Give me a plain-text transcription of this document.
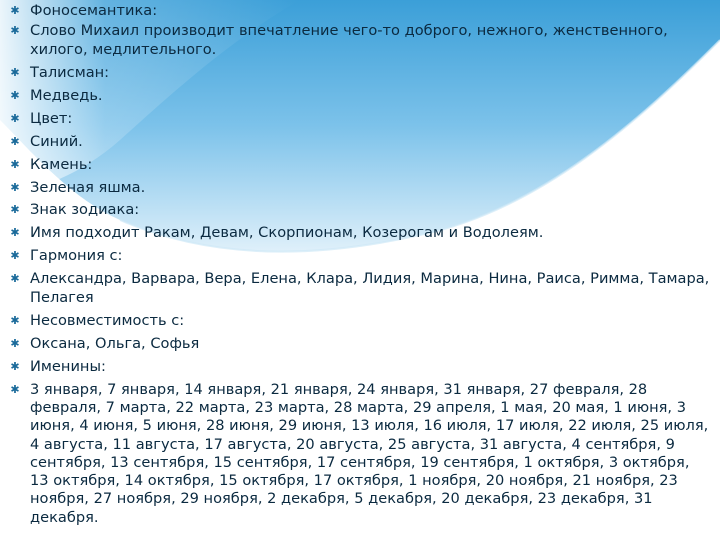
✱ Фоносемантика:
✱ Слово Михаил производит впечатление чего-то доброго, нежного, женственного, хилого, медлительного.
✱ Талисман:
✱ Медведь.
✱ Цвет:
✱ Синий.
✱ Камень:
✱ Зеленая яшма.
✱ Знак зодиака:
✱ Имя подходит Ракам, Девам, Скорпионам, Козерогам и Водолеям.
✱ Гармония с:
✱ Александра, Варвара, Вера, Елена, Клара, Лидия, Марина, Нина, Раиса, Римма, Тамара, Пелагея
✱ Несовместимость с:
✱ Оксана, Ольга, Софья
✱ Именины:
✱ 3 января, 7 января, 14 января, 21 января, 24 января, 31 января, 27 февраля, 28 февраля, 7 марта, 22 марта, 23 марта, 28 марта, 29 апреля, 1 мая, 20 мая, 1 июня, 3 июня, 4 июня, 5 июня, 28 июня, 29 июня, 13 июля, 16 июля, 17 июля, 22 июля, 25 июля, 4 августа, 11 августа, 17 августа, 20 августа, 25 августа, 31 августа, 4 сентября, 9 сентября, 13 сентября, 15 сентября, 17 сентября, 19 сентября, 1 октября, 3 октября, 13 октября, 14 октября, 15 октября, 17 октября, 1 ноября, 20 ноября, 21 ноября, 23 ноября, 27 ноября, 29 ноября, 2 декабря, 5 декабря, 20 декабря, 23 декабря, 31 декабря.
